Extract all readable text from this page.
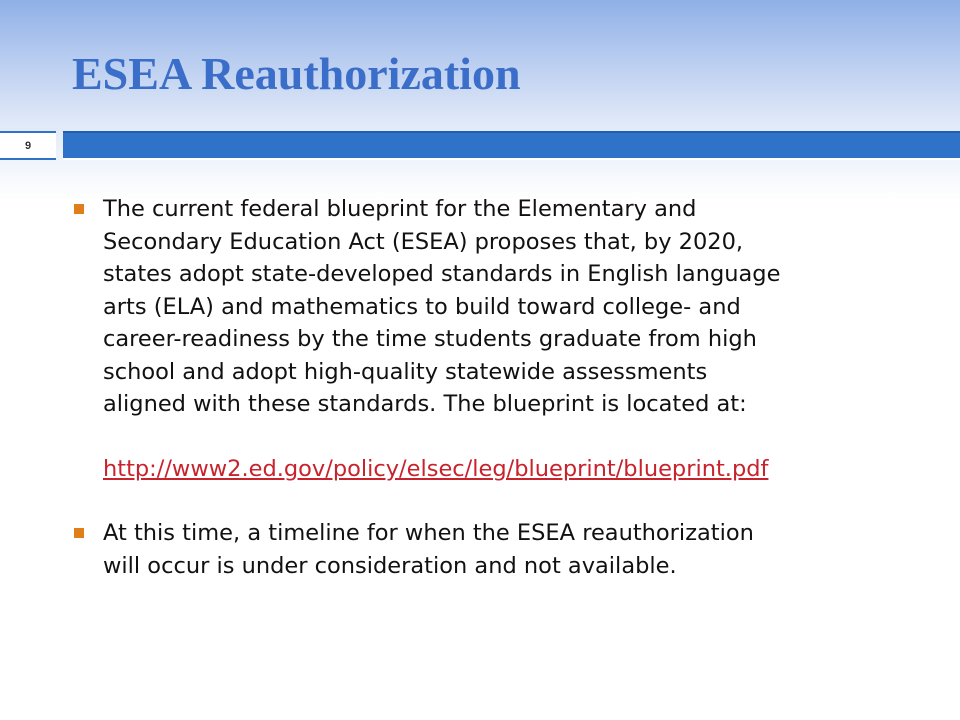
ESEA Reauthorization
9
The current federal blueprint for the Elementary and
Secondary Education Act (ESEA) proposes that, by 2020,
states adopt state-developed standards in English language
arts (ELA) and mathematics to build toward college- and
career-readiness by the time students graduate from high
school and adopt high-quality statewide assessments
aligned with these standards. The blueprint is located at:
http://www2.ed.gov/policy/elsec/leg/blueprint/blueprint.pdf
At this time, a timeline for when the ESEA reauthorization
will occur is under consideration and not available.
